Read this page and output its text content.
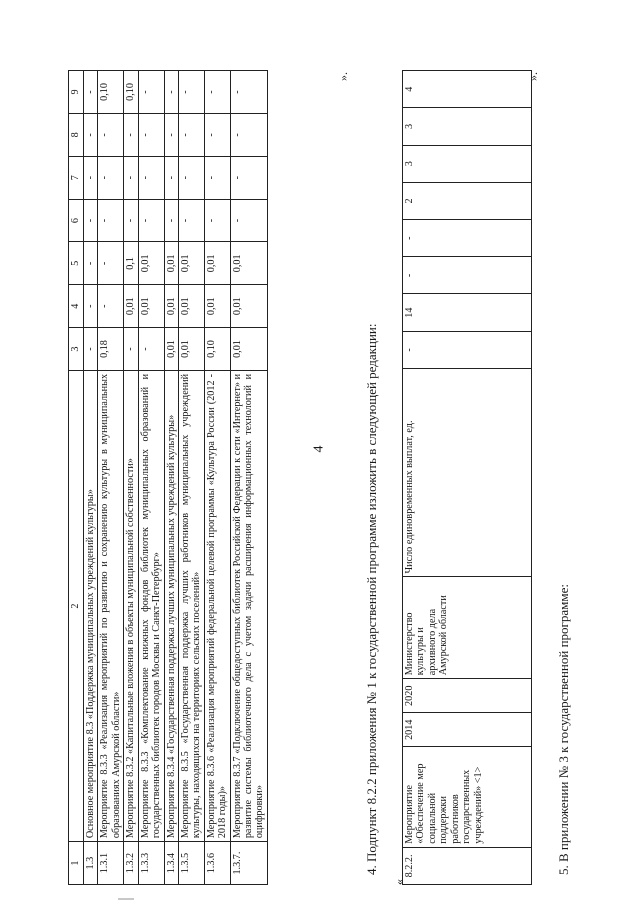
4
1	2	3	4	5	6	7	8	9
1.3	Основное мероприятие 8.3 «Поддержка муниципальных учреждений культуры»	-	-	-	-	-	-	-
1.3.1	Мероприятие 8.3.3 «Реализация мероприятий по развитию и сохранению культуры в муниципальных образованиях Амурской области»	0,18	-	-	-	-	-	0,10
1.3.2	Мероприятие 8.3.2 «Капитальные вложения в объекты муниципальной собственности»	-	0,01	0,1	-	-	-	0,10
1.3.3	Мероприятие 8.3.3 «Комплектование книжных фондов библиотек муниципальных образований и государственных библиотек городов Москвы и Санкт-Петербург»	-	0,01	0,01	-	-	-	-
1.3.4	Мероприятие 8.3.4 «Государственная поддержка лучших муниципальных учреждений культуры»	0,01	0,01	0,01	-	-	-	-
1.3.5	Мероприятие 8.3.5 «Государственная поддержка лучших работников муниципальных учреждений культуры, находящихся на территориях сельских поселений»	0,01	0,01	0,01	-	-	-	-
1.3.6	Мероприятие 8.3.6 «Реализация мероприятий федеральной целевой программы «Культура России (2012 - 2018 годы)»	0,10	0,01	0,01	-	-	-	-
1.3.7.	Мероприятие 8.3.7 «Подключение общедоступных библиотек Российской Федерации к сети «Интернет» и развитие системы библиотечного дела с учетом задачи расширения информационных технологий и оцифровки»	0,01	0,01	0,01	-	-	-	-
».
4. Подпункт 8.2.2 приложения № 1 к государственной программе изложить в следующей редакции:
«
8.2.2.	Мероприятие «Обеспечение мер социальной поддержки работников государственных учреждений» <1>	2014	2020	Министерство культуры и архивного дела Амурской области	Число единовременных выплат, ед.	-	14	-	-	2	3	3	4
».
5. В приложении № 3 к государственной программе:
